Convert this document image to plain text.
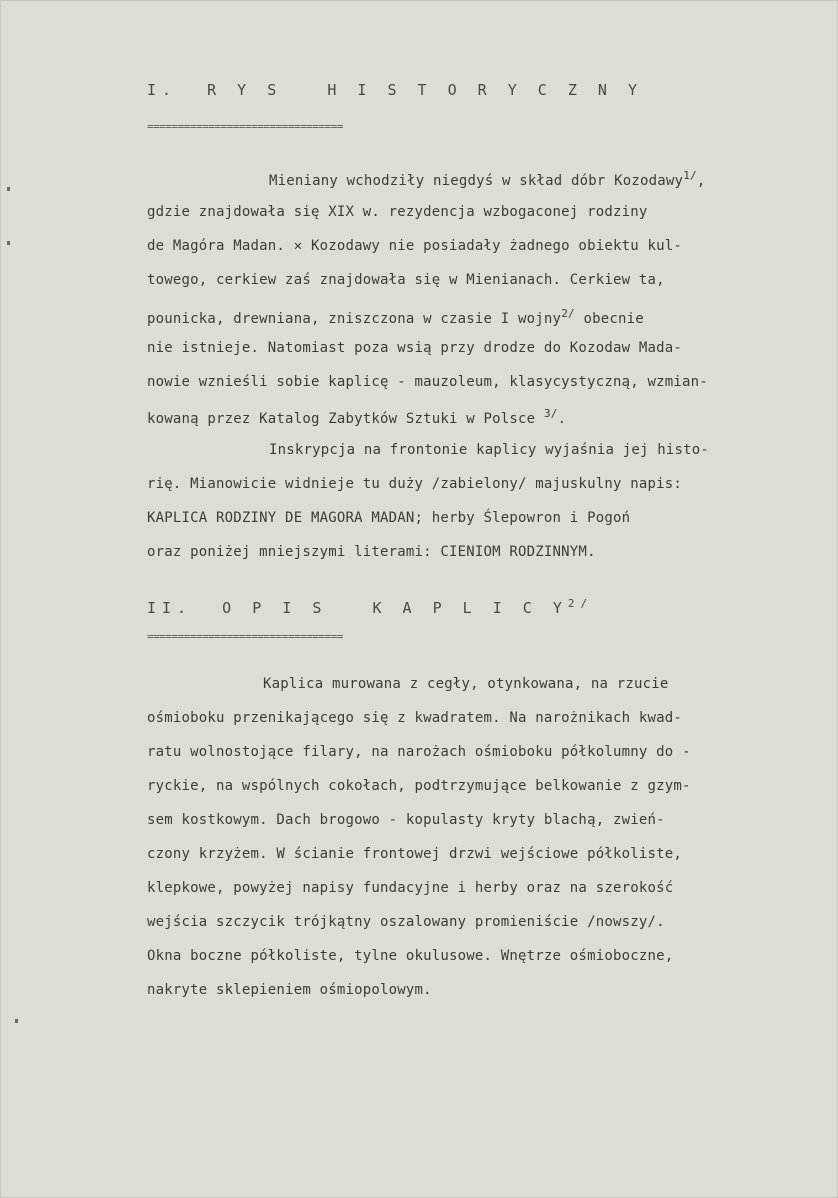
I.  R Y S   H I S T O R Y C Z N Y
================================
Mieniany wchodziły niegdyś w skład dóbr Kozodawy$^{1/}$,
gdzie znajdowała się XIX w. rezydencja wzbogaconej rodziny
de Magóra Madan. ✕ Kozodawy nie posiadały żadnego obiektu kul-
towego, cerkiew zaś znajdowała się w Mienianach. Cerkiew ta,
pounicka, drewniana, zniszczona w czasie I wojny$^{2/}$ obecnie
nie istnieje. Natomiast poza wsią przy drodze do Kozodaw Mada-
nowie wznieśli sobie kaplicę - mauzoleum, klasycystyczną, wzmian-
kowaną przez Katalog Zabytków Sztuki w Polsce $^{3/}$.
Inskrypcja na frontonie kaplicy wyjaśnia jej histo-
rię. Mianowicie widnieje tu duży /zabielony/ majuskulny napis:
KAPLICA RODZINY DE MAGORA MADAN; herby Ślepowron i Pogoń
oraz poniżej mniejszymi literami: CIENIOM RODZINNYM.
II.  O P I S   K A P L I C Y$^{2/}$
================================
Kaplica murowana z cegły, otynkowana, na rzucie
ośmioboku przenikającego się z kwadratem. Na narożnikach kwad-
ratu wolnostojące filary, na narożach ośmioboku półkolumny do -
ryckie, na wspólnych cokołach, podtrzymujące belkowanie z gzym-
sem kostkowym. Dach brogowo - kopulasty kryty blachą, zwień-
czony krzyżem. W ścianie frontowej drzwi wejściowe półkoliste,
klepkowe, powyżej napisy fundacyjne i herby oraz na szerokość
wejścia szczycik trójkątny oszalowany promieniście /nowszy/.
Okna boczne półkoliste, tylne okulusowe. Wnętrze ośmioboczne,
nakryte sklepieniem ośmiopolowym.
